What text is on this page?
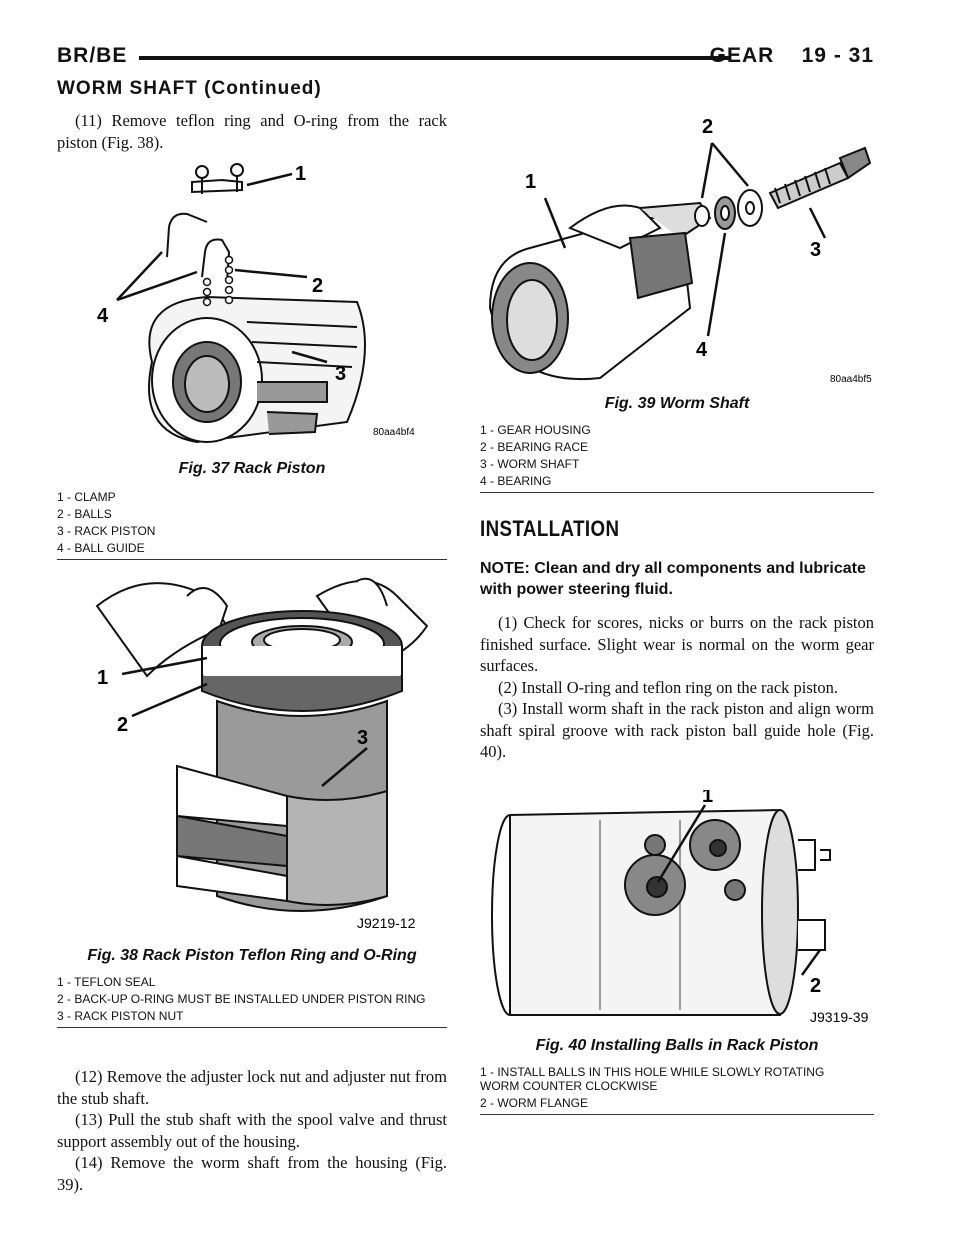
BR/BE	GEAR    19 - 31
WORM SHAFT (Continued)

(11) Remove teflon ring and O-ring from the rack piston (Fig. 38).

1
2
3
4
80aa4bf4
Fig. 37 Rack Piston
1 - CLAMP
2 - BALLS
3 - RACK PISTON
4 - BALL GUIDE
1
2
3
J9219-12
Fig. 38 Rack Piston Teflon Ring and O-Ring
1 - TEFLON SEAL
2 - BACK-UP O-RING MUST BE INSTALLED UNDER PISTON RING
3 - RACK PISTON NUT

(12) Remove the adjuster lock nut and adjuster nut from the stub shaft.

(13) Pull the stub shaft with the spool valve and thrust support assembly out of the housing.

(14) Remove the worm shaft from the housing (Fig. 39).

1
2
3
4
80aa4bf5
Fig. 39 Worm Shaft
1 - GEAR HOUSING
2 - BEARING RACE
3 - WORM SHAFT
4 - BEARING
INSTALLATION
NOTE: Clean and dry all components and lubricate with power steering fluid.

(1) Check for scores, nicks or burrs on the rack piston finished surface. Slight wear is normal on the worm gear surfaces.

(2) Install O-ring and teflon ring on the rack piston.

(3) Install worm shaft in the rack piston and align worm shaft spiral groove with rack piston ball guide hole (Fig. 40).

1
2
J9319-39
Fig. 40 Installing Balls in Rack Piston
1 - INSTALL BALLS IN THIS HOLE WHILE SLOWLY ROTATING WORM COUNTER CLOCKWISE
2 - WORM FLANGE
